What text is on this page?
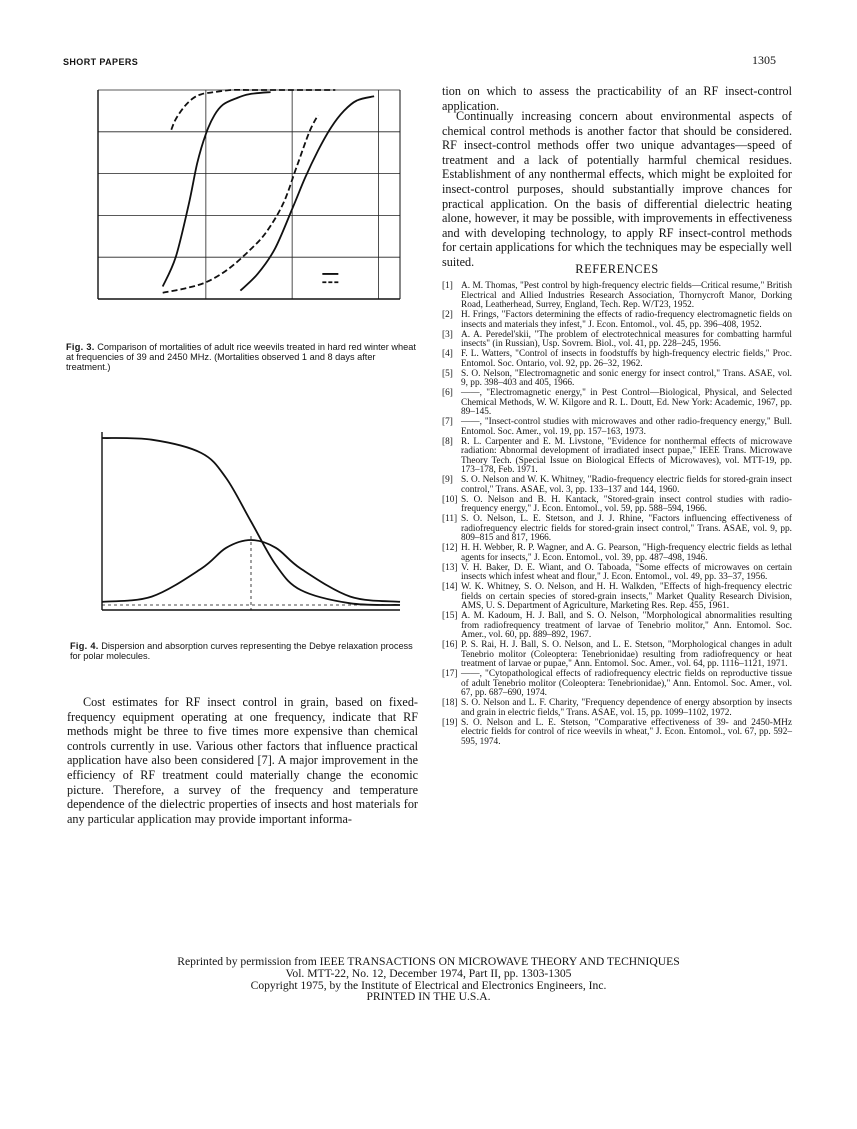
SHORT PAPERS	1305
Fig. 3. Comparison of mortalities of adult rice weevils treated in hard red winter wheat at frequencies of 39 and 2450 MHz. (Mortalities observed 1 and 8 days after treatment.)
Fig. 4. Dispersion and absorption curves representing the Debye relaxation process for polar molecules.
Cost estimates for RF insect control in grain, based on fixed-frequency equipment operating at one frequency, indicate that RF methods might be three to five times more expensive than chemical controls currently in use. Various other factors that influence practical application have also been considered [7]. A major improvement in the efficiency of RF treatment could materially change the economic picture. Therefore, a survey of the frequency and temperature dependence of the dielectric properties of insects and host materials for any particular application may provide important informa-
tion on which to assess the practicability of an RF insect-control application.
Continually increasing concern about environmental aspects of chemical control methods is another factor that should be considered. RF insect-control methods offer two unique advantages—speed of treatment and a lack of potentially harmful chemical residues. Establishment of any nonthermal effects, which might be exploited for insect-control purposes, should substantially improve chances for practical application. On the basis of differential dielectric heating alone, however, it may be possible, with improvements in effectiveness and with developing technology, to apply RF insect-control methods for certain applications for which the techniques may be especially well suited.
REFERENCES
[1] A. M. Thomas, "Pest control by high-frequency electric fields—Critical resume," British Electrical and Allied Industries Research Association, Thornycroft Manor, Dorking Road, Leatherhead, Surrey, England, Tech. Rep. W/T23, 1952.
[2] H. Frings, "Factors determining the effects of radio-frequency electromagnetic fields on insects and materials they infest," J. Econ. Entomol., vol. 45, pp. 396–408, 1952.
[3] A. A. Peredel'skii, "The problem of electrotechnical measures for combatting harmful insects" (in Russian), Usp. Sovrem. Biol., vol. 41, pp. 228–245, 1956.
[4] F. L. Watters, "Control of insects in foodstuffs by high-frequency electric fields," Proc. Entomol. Soc. Ontario, vol. 92, pp. 26–32, 1962.
[5] S. O. Nelson, "Electromagnetic and sonic energy for insect control," Trans. ASAE, vol. 9, pp. 398–403 and 405, 1966.
[6] ——, "Electromagnetic energy," in Pest Control—Biological, Physical, and Selected Chemical Methods, W. W. Kilgore and R. L. Doutt, Ed. New York: Academic, 1967, pp. 89–145.
[7] ——, "Insect-control studies with microwaves and other radio-frequency energy," Bull. Entomol. Soc. Amer., vol. 19, pp. 157–163, 1973.
[8] R. L. Carpenter and E. M. Livstone, "Evidence for nonthermal effects of microwave radiation: Abnormal development of irradiated insect pupae," IEEE Trans. Microwave Theory Tech. (Special Issue on Biological Effects of Microwaves), vol. MTT-19, pp. 173–178, Feb. 1971.
[9] S. O. Nelson and W. K. Whitney, "Radio-frequency electric fields for stored-grain insect control," Trans. ASAE, vol. 3, pp. 133–137 and 144, 1960.
[10] S. O. Nelson and B. H. Kantack, "Stored-grain insect control studies with radio-frequency energy," J. Econ. Entomol., vol. 59, pp. 588–594, 1966.
[11] S. O. Nelson, L. E. Stetson, and J. J. Rhine, "Factors influencing effectiveness of radiofrequency electric fields for stored-grain insect control," Trans. ASAE, vol. 9, pp. 809–815 and 817, 1966.
[12] H. H. Webber, R. P. Wagner, and A. G. Pearson, "High-frequency electric fields as lethal agents for insects," J. Econ. Entomol., vol. 39, pp. 487–498, 1946.
[13] V. H. Baker, D. E. Wiant, and O. Taboada, "Some effects of microwaves on certain insects which infest wheat and flour," J. Econ. Entomol., vol. 49, pp. 33–37, 1956.
[14] W. K. Whitney, S. O. Nelson, and H. H. Walkden, "Effects of high-frequency electric fields on certain species of stored-grain insects," Market Quality Research Division, AMS, U. S. Department of Agriculture, Marketing Res. Rep. 455, 1961.
[15] A. M. Kadoum, H. J. Ball, and S. O. Nelson, "Morphological abnormalities resulting from radiofrequency treatment of larvae of Tenebrio molitor," Ann. Entomol. Soc. Amer., vol. 60, pp. 889–892, 1967.
[16] P. S. Rai, H. J. Ball, S. O. Nelson, and L. E. Stetson, "Morphological changes in adult Tenebrio molitor (Coleoptera: Tenebrionidae) resulting from radiofrequency or heat treatment of larvae or pupae," Ann. Entomol. Soc. Amer., vol. 64, pp. 1116–1121, 1971.
[17] ——, "Cytopathological effects of radiofrequency electric fields on reproductive tissue of adult Tenebrio molitor (Coleoptera: Tenebrionidae)," Ann. Entomol. Soc. Amer., vol. 67, pp. 687–690, 1974.
[18] S. O. Nelson and L. F. Charity, "Frequency dependence of energy absorption by insects and grain in electric fields," Trans. ASAE, vol. 15, pp. 1099–1102, 1972.
[19] S. O. Nelson and L. E. Stetson, "Comparative effectiveness of 39- and 2450-MHz electric fields for control of rice weevils in wheat," J. Econ. Entomol., vol. 67, pp. 592–595, 1974.
Reprinted by permission from IEEE TRANSACTIONS ON MICROWAVE THEORY AND TECHNIQUES
Vol. MTT-22, No. 12, December 1974, Part II, pp. 1303-1305
Copyright 1975, by the Institute of Electrical and Electronics Engineers, Inc.
PRINTED IN THE U.S.A.
